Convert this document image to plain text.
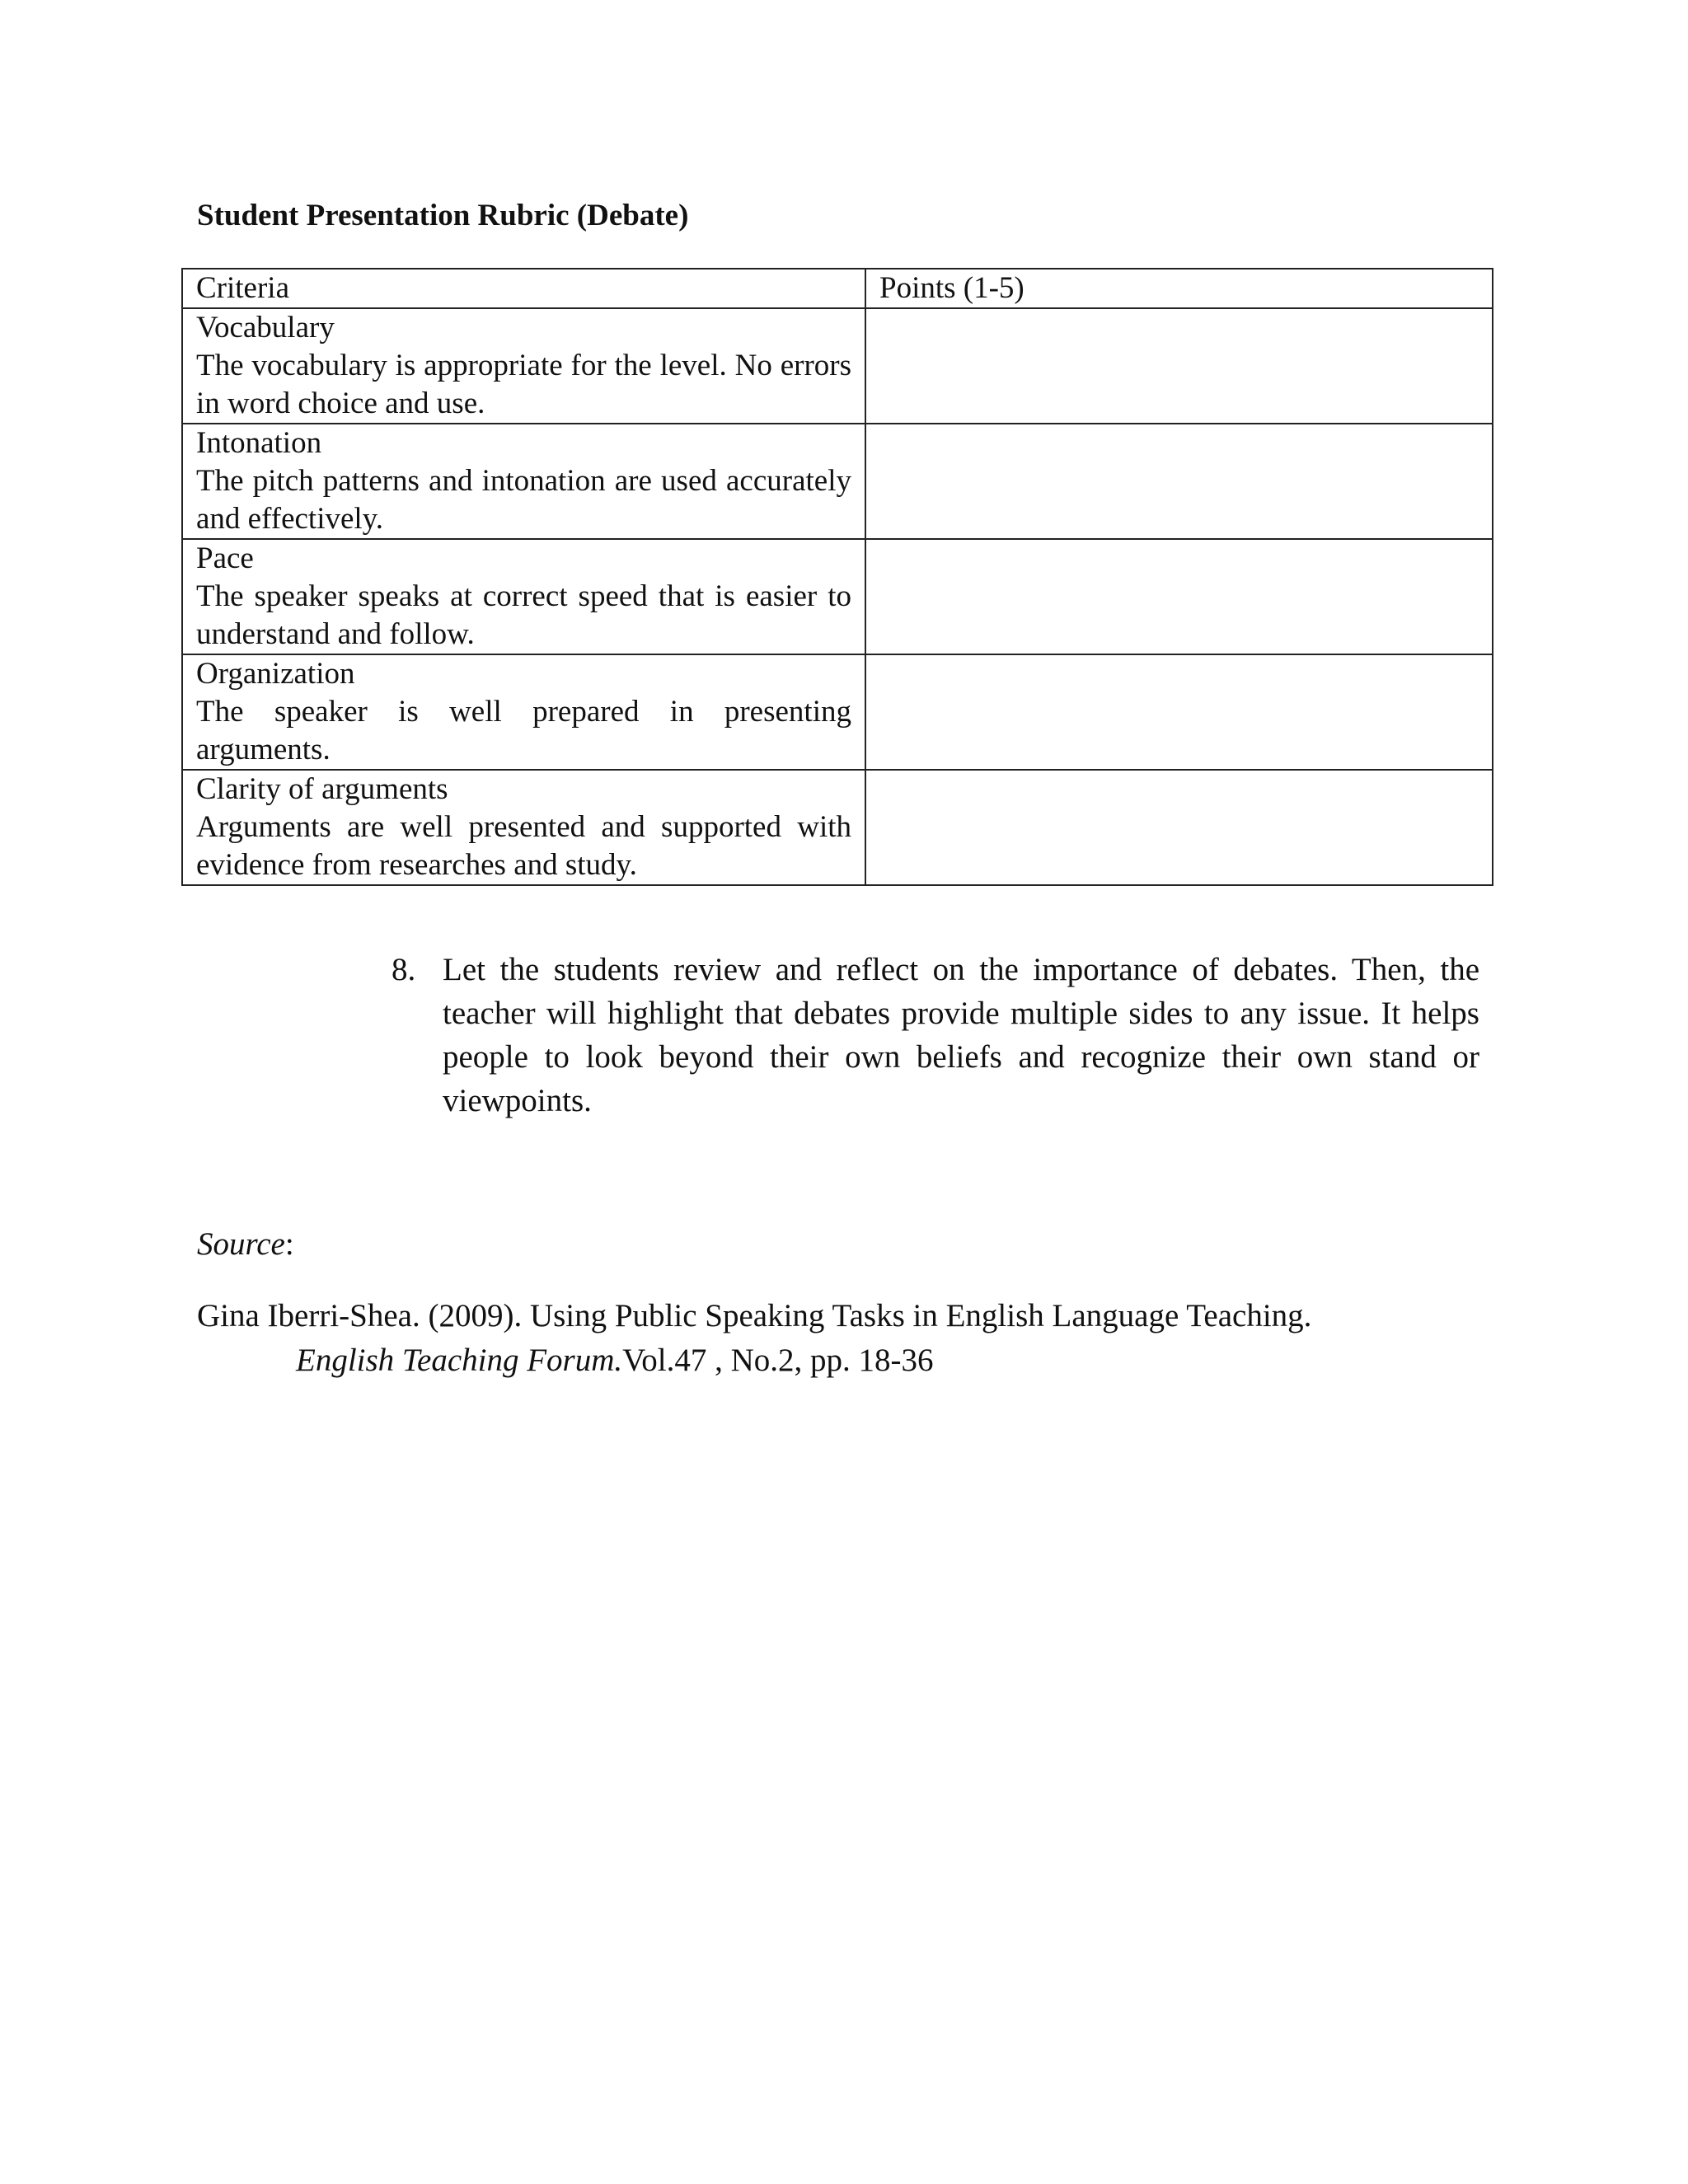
Student Presentation Rubric (Debate)
Criteria	Points (1-5)

Vocabulary
The vocabulary is appropriate for the level. No errors in word choice and use.	

Intonation
The pitch patterns and intonation are used accurately and effectively.	

Pace
The speaker speaks at correct speed that is easier to understand and follow.	

Organization
The speaker is well prepared in presenting arguments.	

Clarity of arguments
Arguments are well presented and supported with evidence from researches and study.	

8. Let the students review and reflect on the importance of debates. Then, the teacher will highlight that debates provide multiple sides to any issue. It helps people to look beyond their own beliefs and recognize their own stand or viewpoints.
Source:
Gina Iberri-Shea. (2009). Using Public Speaking Tasks in English Language Teaching.
English Teaching Forum.Vol.47 , No.2, pp. 18-36
